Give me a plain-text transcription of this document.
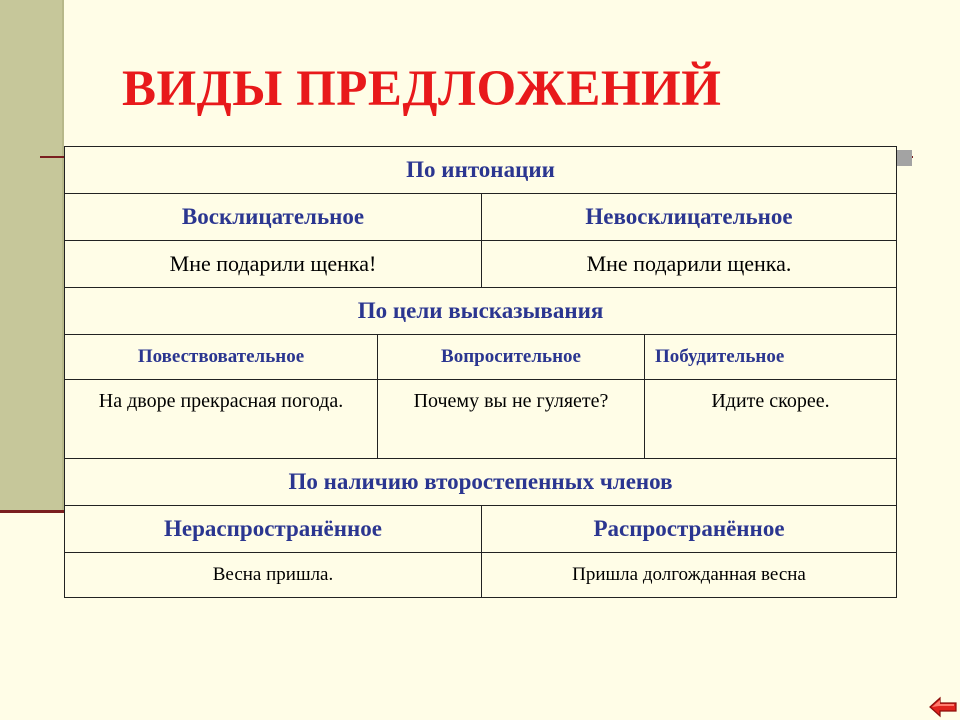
ВИДЫ ПРЕДЛОЖЕНИЙ
По интонации			
Восклицательное		Невосклицательное	
Мне подарили щенка!		Мне подарили щенка.	
По цели высказывания			
Повествовательное	Вопросительное		Побудительное
На дворе прекрасная погода.	Почему вы не гуляете?		Идите скорее.
По наличию второстепенных членов			
Нераспространённое		Распространённое	
Весна пришла.		Пришла долгожданная весна	
